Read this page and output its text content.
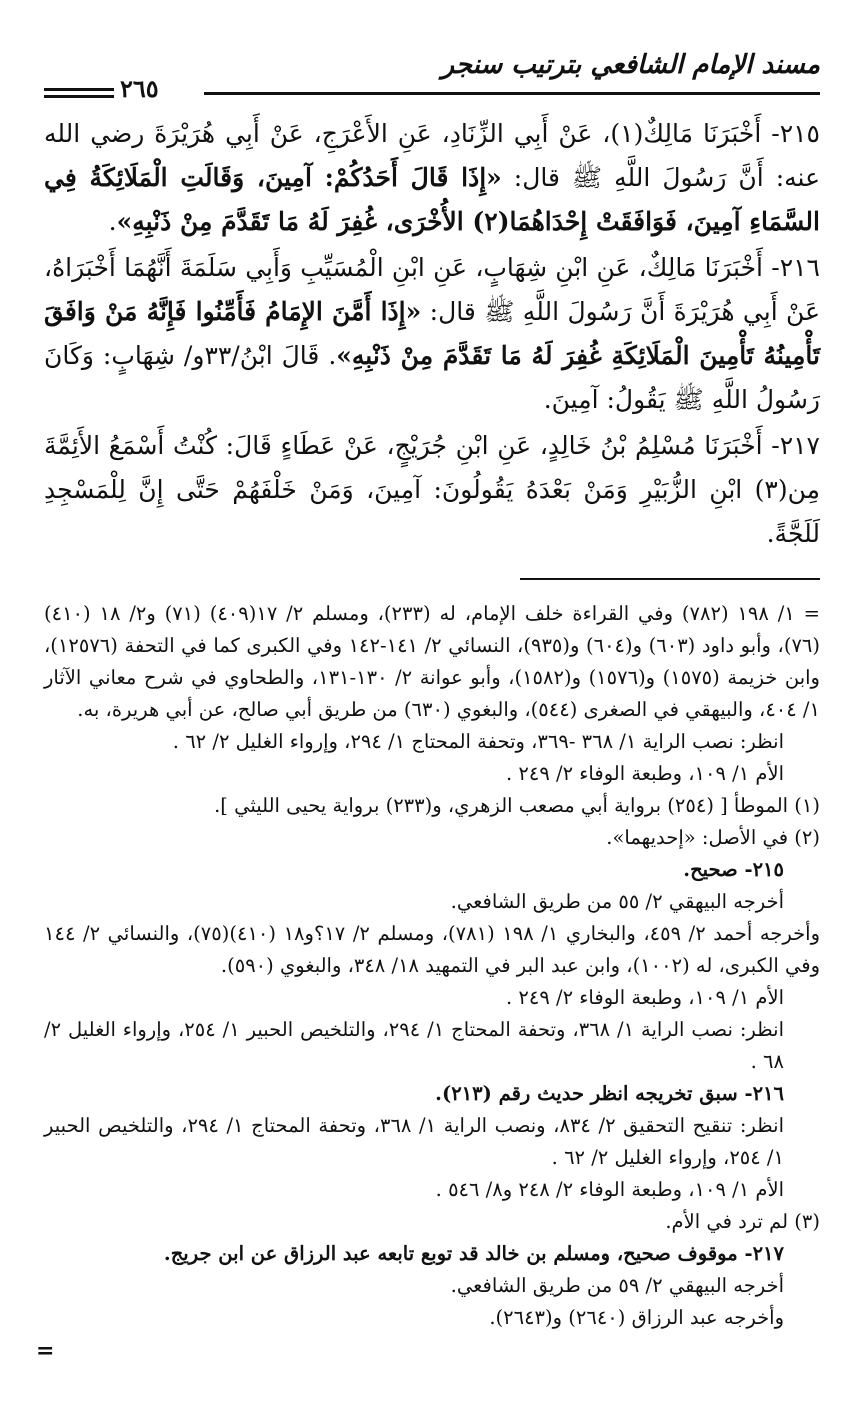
مسند الإمام الشافعي بترتيب سنجر
٢٦٥

٢١٥- أَخْبَرَنَا مَالِكٌ(١)، عَنْ أَبِي الزِّنَادِ، عَنِ الأَعْرَجِ، عَنْ أَبِي هُرَيْرَةَ رضي الله عنه: أَنَّ رَسُولَ اللَّهِ ﷺ قال: «إِذَا قَالَ أَحَدُكُمْ: آمِينَ، وَقَالَتِ الْمَلَائِكَةُ فِي السَّمَاءِ آمِينَ، فَوَافَقَتْ إِحْدَاهُمَا(٢) الأُخْرَى، غُفِرَ لَهُ مَا تَقَدَّمَ مِنْ ذَنْبِهِ».

٢١٦- أَخْبَرَنَا مَالِكٌ، عَنِ ابْنِ شِهَابٍ، عَنِ ابْنِ الْمُسَيِّبِ وَأَبِي سَلَمَةَ أَنَّهُمَا أَخْبَرَاهُ، عَنْ أَبِي هُرَيْرَةَ أَنَّ رَسُولَ اللَّهِ ﷺ قال: «إِذَا أَمَّنَ الإِمَامُ فَأَمِّنُوا فَإِنَّهُ مَنْ وَافَقَ تَأْمِينُهُ تَأْمِينَ الْمَلَائِكَةِ غُفِرَ لَهُ مَا تَقَدَّمَ مِنْ ذَنْبِهِ». قَالَ ابْنُ/٣٣و/ شِهَابٍ: وَكَانَ رَسُولُ اللَّهِ ﷺ يَقُولُ: آمِينَ.

٢١٧- أَخْبَرَنَا مُسْلِمُ بْنُ خَالِدٍ، عَنِ ابْنِ جُرَيْجٍ، عَنْ عَطَاءٍ قَالَ: كُنْتُ أَسْمَعُ الأَئِمَّةَ مِن(٣) ابْنِ الزُّبَيْرِ وَمَنْ بَعْدَهُ يَقُولُونَ: آمِينَ، وَمَنْ خَلْفَهُمْ حَتَّى إِنَّ لِلْمَسْجِدِ لَلَجَّةً.

= ١/ ١٩٨ (٧٨٢) وفي القراءة خلف الإمام، له (٢٣٣)، ومسلم ٢/ ١٧(٤٠٩) (٧١) و٢/ ١٨ (٤١٠) (٧٦)، وأبو داود (٦٠٣) و(٦٠٤) و(٩٣٥)، النسائي ٢/ ١٤١-١٤٢ وفي الكبرى كما في التحفة (١٢٥٧٦)، وابن خزيمة (١٥٧٥) و(١٥٧٦) و(١٥٨٢)، وأبو عوانة ٢/ ١٣٠-١٣١، والطحاوي في شرح معاني الآثار ١/ ٤٠٤، والبيهقي في الصغرى (٥٤٤)، والبغوي (٦٣٠) من طريق أبي صالح، عن أبي هريرة، به.

انظر: نصب الراية ١/ ٣٦٨ -٣٦٩، وتحفة المحتاج ١/ ٢٩٤، وإرواء الغليل ٢/ ٦٢ .

الأم ١/ ١٠٩، وطبعة الوفاء ٢/ ٢٤٩ .

(١) الموطأ [ (٢٥٤) برواية أبي مصعب الزهري، و(٢٣٣) برواية يحيى الليثي ].

(٢) في الأصل: «إحديهما».

٢١٥- صحيح.

أخرجه البيهقي ٢/ ٥٥ من طريق الشافعي.

وأخرجه أحمد ٢/ ٤٥٩، والبخاري ١/ ١٩٨ (٧٨١)، ومسلم ٢/ ١٧؟و١٨ (٤١٠)(٧٥)، والنسائي ٢/ ١٤٤ وفي الكبرى، له (١٠٠٢)، وابن عبد البر في التمهيد ١٨/ ٣٤٨، والبغوي (٥٩٠).

الأم ١/ ١٠٩، وطبعة الوفاء ٢/ ٢٤٩ .

انظر: نصب الراية ١/ ٣٦٨، وتحفة المحتاج ١/ ٢٩٤، والتلخيص الحبير ١/ ٢٥٤، وإرواء الغليل ٢/ ٦٨ .

٢١٦- سبق تخريجه انظر حديث رقم (٢١٣).

انظر: تنقيح التحقيق ٢/ ٨٣٤، ونصب الراية ١/ ٣٦٨، وتحفة المحتاج ١/ ٢٩٤، والتلخيص الحبير ١/ ٢٥٤، وإرواء الغليل ٢/ ٦٢ .

الأم ١/ ١٠٩، وطبعة الوفاء ٢/ ٢٤٨ و٨/ ٥٤٦ .

(٣) لم ترد في الأم.

٢١٧- موقوف صحيح، ومسلم بن خالد قد توبع تابعه عبد الرزاق عن ابن جريج.

أخرجه البيهقي ٢/ ٥٩ من طريق الشافعي.

وأخرجه عبد الرزاق (٢٦٤٠) و(٢٦٤٣).

=
